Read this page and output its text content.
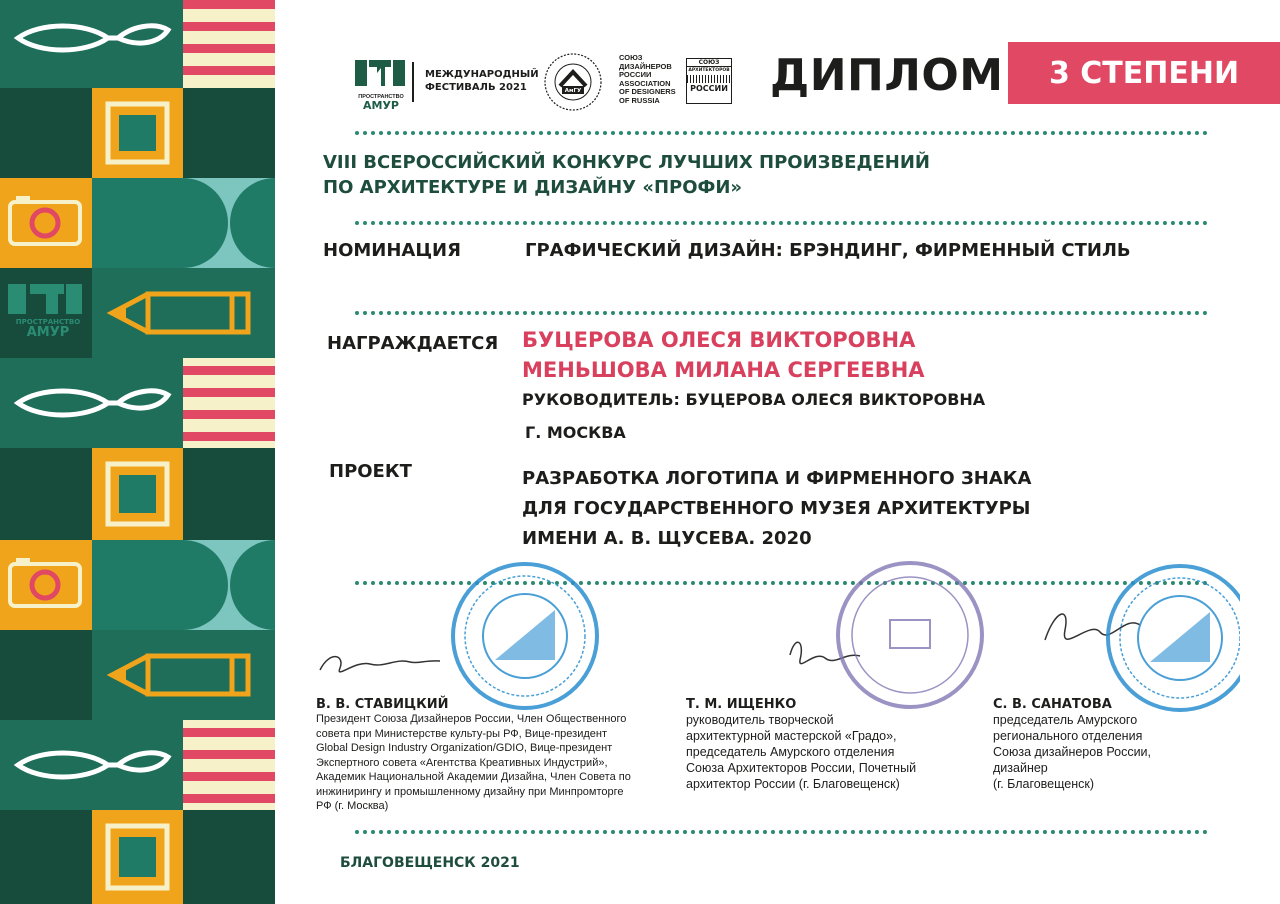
ПРОСТРАНСТВО
АМУР
ПРОСТРАНСТВО
АМУР
МЕЖДУНАРОДНЫЙ
ФЕСТИВАЛЬ 2021	АмГУ
СОЮЗ
ДИЗАЙНЕРОВ
РОССИИ
ASSOCIATION
OF DESIGNERS
OF RUSSIA
СОЮЗ
АРХИТЕКТОРОВ
РОССИИ ДИПЛОМ	3 СТЕПЕНИ
VIII ВСЕРОССИЙСКИЙ КОНКУРС ЛУЧШИХ ПРОИЗВЕДЕНИЙ
ПО АРХИТЕКТУРЕ И ДИЗАЙНУ «ПРОФИ»
НОМИНАЦИЯ	ГРАФИЧЕСКИЙ ДИЗАЙН: БРЭНДИНГ, ФИРМЕННЫЙ СТИЛЬ
НАГРАЖДАЕТСЯ БУЦЕРОВА ОЛЕСЯ ВИКТОРОВНА
МЕНЬШОВА МИЛАНА СЕРГЕЕВНА
РУКОВОДИТЕЛЬ: БУЦЕРОВА ОЛЕСЯ ВИКТОРОВНА
Г. МОСКВА
ПРОЕКТ	РАЗРАБОТКА ЛОГОТИПА И ФИРМЕННОГО ЗНАКА
ДЛЯ ГОСУДАРСТВЕННОГО МУЗЕЯ АРХИТЕКТУРЫ
ИМЕНИ А. В. ЩУСЕВА. 2020
В. В. СТАВИЦКИЙ
Президент Союза Дизайнеров России, Член Общественного
совета при Министерстве культу-ры РФ, Вице-президент
Global Design Industry Organization/GDIO, Вице-президент
Экспертного совета «Агентства Креативных Индустрий»,
Академик Национальной Академии Дизайна, Член Совета по
инжинирингу и промышленному дизайну при Минпромторге
РФ (г. Москва)
Т. М. ИЩЕНКО
руководитель творческой
архитектурной мастерской «Градо»,
председатель Амурского отделения
Союза Архитекторов России, Почетный
архитектор России (г. Благовещенск)
С. В. САНАТОВА
председатель Амурского
регионального отделения
Союза дизайнеров России,
дизайнер
(г. Благовещенск)
БЛАГОВЕЩЕНСК 2021
